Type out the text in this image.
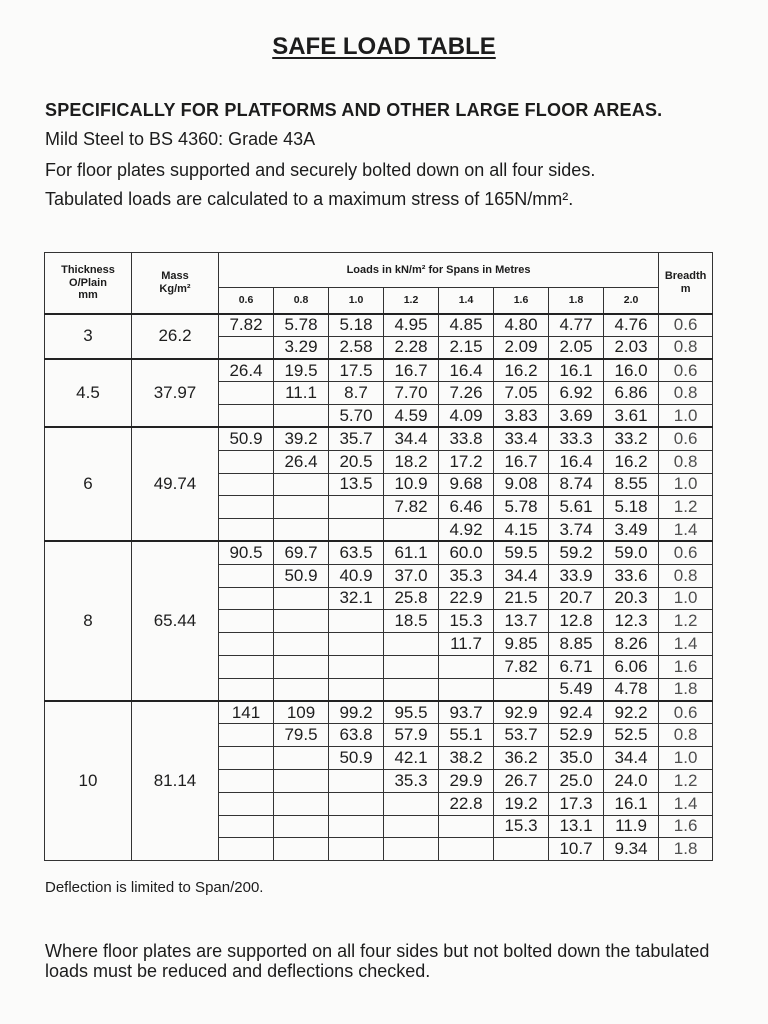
SAFE LOAD TABLE
SPECIFICALLY FOR PLATFORMS AND OTHER LARGE FLOOR AREAS.
Mild Steel to BS 4360: Grade 43A
For floor plates supported and securely bolted down on all four sides.
Tabulated loads are calculated to a maximum stress of 165N/mm².
Thickness
O/Plain
mm	Mass
Kg/m²	Loads in kN/m² for Spans in Metres								Breadth
m

		0.6	0.8	1.0	1.2	1.4	1.6	1.8	2.0	
3	26.2	7.82	5.78	5.18	4.95	4.85	4.80	4.77	4.76	0.6
			3.29	2.58	2.28	2.15	2.09	2.05	2.03	0.8
4.5	37.97	26.4	19.5	17.5	16.7	16.4	16.2	16.1	16.0	0.6
			11.1	8.7	7.70	7.26	7.05	6.92	6.86	0.8
				5.70	4.59	4.09	3.83	3.69	3.61	1.0
6	49.74	50.9	39.2	35.7	34.4	33.8	33.4	33.3	33.2	0.6
			26.4	20.5	18.2	17.2	16.7	16.4	16.2	0.8
				13.5	10.9	9.68	9.08	8.74	8.55	1.0
					7.82	6.46	5.78	5.61	5.18	1.2
						4.92	4.15	3.74	3.49	1.4
8	65.44	90.5	69.7	63.5	61.1	60.0	59.5	59.2	59.0	0.6
			50.9	40.9	37.0	35.3	34.4	33.9	33.6	0.8
				32.1	25.8	22.9	21.5	20.7	20.3	1.0
					18.5	15.3	13.7	12.8	12.3	1.2
						11.7	9.85	8.85	8.26	1.4
							7.82	6.71	6.06	1.6
								5.49	4.78	1.8
10	81.14	141	109	99.2	95.5	93.7	92.9	92.4	92.2	0.6
			79.5	63.8	57.9	55.1	53.7	52.9	52.5	0.8
				50.9	42.1	38.2	36.2	35.0	34.4	1.0
					35.3	29.9	26.7	25.0	24.0	1.2
						22.8	19.2	17.3	16.1	1.4
							15.3	13.1	11.9	1.6
								10.7	9.34	1.8
Deflection is limited to Span/200.
Where floor plates are supported on all four sides but not bolted down the tabulated
loads must be reduced and deflections checked.
